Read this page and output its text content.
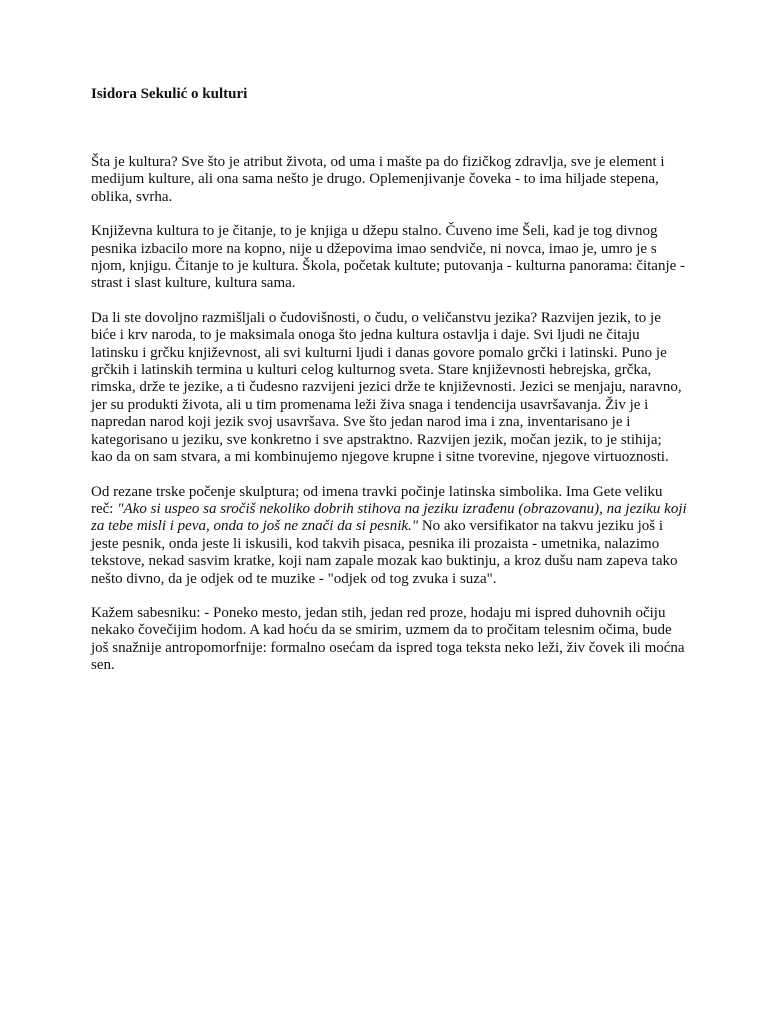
Isidora Sekulić o kulturi

Šta je kultura? Sve što je atribut života, od uma i mašte pa do fizičkog zdravlja, sve je element i medijum kulture, ali ona sama nešto je drugo. Oplemenjivanje čoveka - to ima hiljade stepena, oblika, svrha.

Književna kultura to je čitanje, to je knjiga u džepu stalno. Čuveno ime Šeli, kad je tog divnog pesnika izbacilo more na kopno, nije u džepovima imao sendviče, ni novca, imao je, umro je s njom, knjigu. Čitanje to je kultura. Škola, početak kultute; putovanja - kulturna panorama: čitanje - strast i slast kulture, kultura sama.

Da li ste dovoljno razmišljali o čudovišnosti, o čudu, o veličanstvu jezika? Razvijen jezik, to je biće i krv naroda, to je maksimala onoga što jedna kultura ostavlja i daje. Svi ljudi ne čitaju latinsku i grčku književnost, ali svi kulturni ljudi i danas govore pomalo grčki i latinski. Puno je grčkih i latinskih termina u kulturi celog kulturnog sveta. Stare književnosti hebrejska, grčka, rimska, drže te jezike, a ti čudesno razvijeni jezici drže te književnosti. Jezici se menjaju, naravno, jer su produkti života, ali u tim promenama leži živa snaga i tendencija usavršavanja. Živ je i napredan narod koji jezik svoj usavršava. Sve što jedan narod ima i zna, inventarisano je i kategorisano u jeziku, sve konkretno i sve apstraktno. Razvijen jezik, močan jezik, to je stihija; kao da on sam stvara, a mi kombinujemo njegove krupne i sitne tvorevine, njegove virtuoznosti.

Od rezane trske počenje skulptura; od imena travki počinje latinska simbolika. Ima Gete veliku reč: "Ako si uspeo sa sročiš nekoliko dobrih stihova na jeziku izrađenu (obrazovanu), na jeziku koji za tebe misli i peva, onda to još ne znači da si pesnik." No ako versifikator na takvu jeziku još i jeste pesnik, onda jeste li iskusili, kod takvih pisaca, pesnika ili prozaista - umetnika, nalazimo tekstove, nekad sasvim kratke, koji nam zapale mozak kao buktinju, a kroz dušu nam zapeva tako nešto divno, da je odjek od te muzike - "odjek od tog zvuka i suza".

Kažem sabesniku: - Poneko mesto, jedan stih, jedan red proze, hodaju mi ispred duhovnih očiju nekako čovečijim hodom. A kad hoću da se smirim, uzmem da to pročitam telesnim očima, bude još snažnije antropomorfnije: formalno osećam da ispred toga teksta neko leži, živ čovek ili moćna sen.
